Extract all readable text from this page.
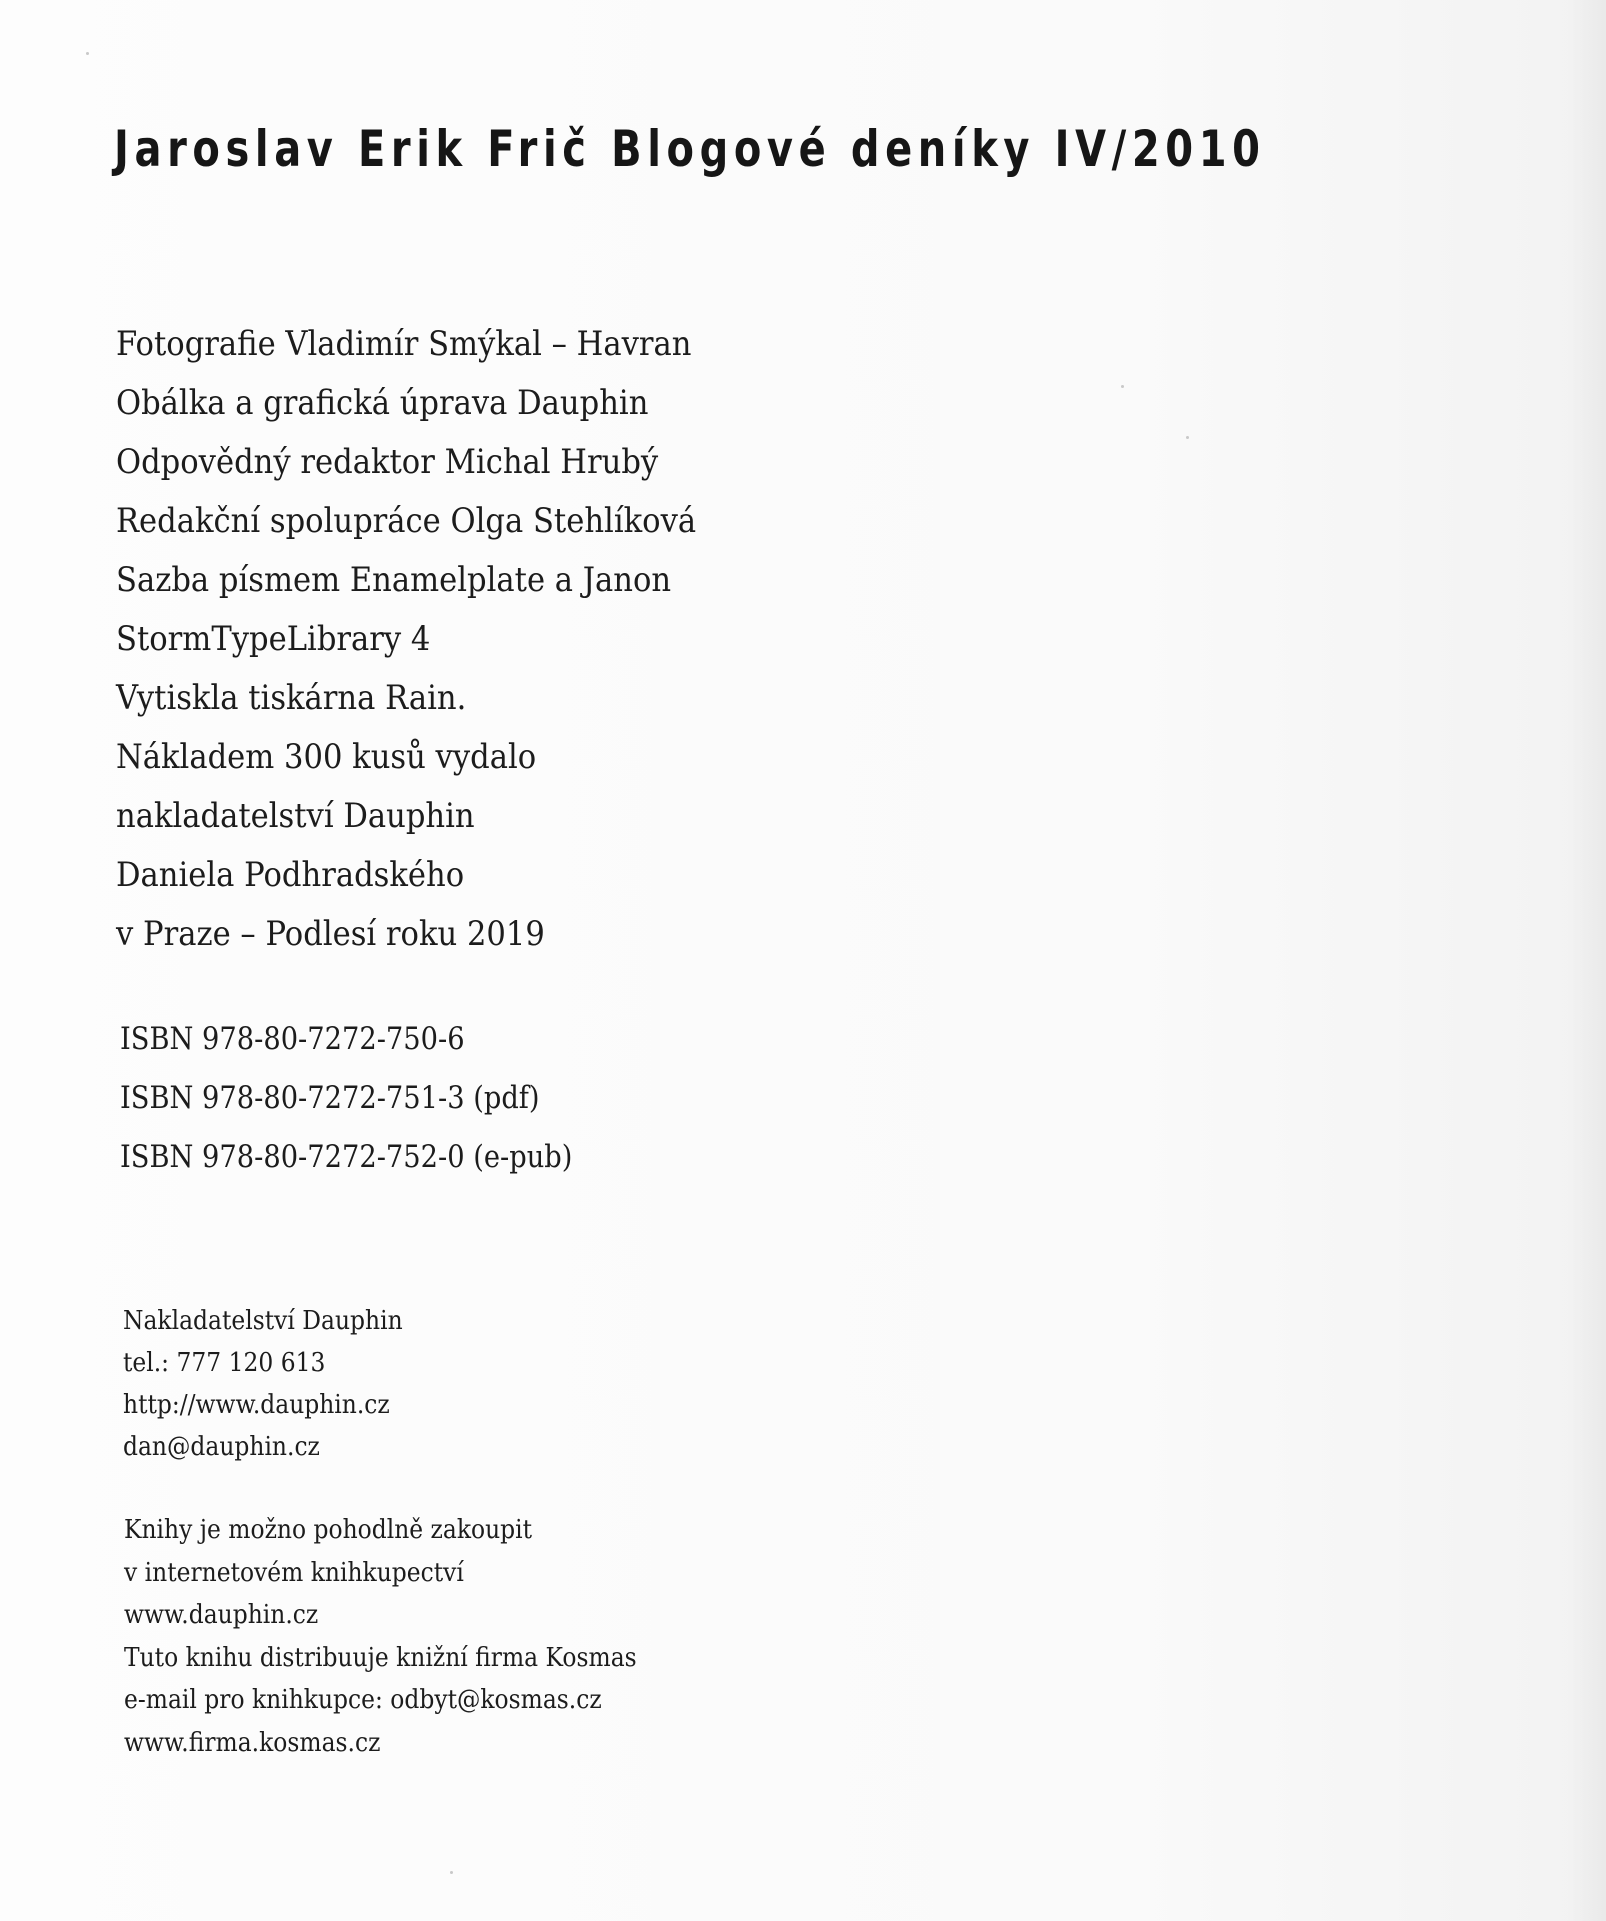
Jaroslav Erik Frič Blogové deníky IV/2010
Fotografie Vladimír Smýkal – Havran
Obálka a grafická úprava Dauphin
Odpovědný redaktor Michal Hrubý
Redakční spolupráce Olga Stehlíková
Sazba písmem Enamelplate a Janon
StormTypeLibrary 4
Vytiskla tiskárna Rain.
Nákladem 300 kusů vydalo
nakladatelství Dauphin
Daniela Podhradského
v Praze – Podlesí roku 2019
ISBN 978-80-7272-750-6
ISBN 978-80-7272-751-3 (pdf)
ISBN 978-80-7272-752-0 (e-pub)
Nakladatelství Dauphin
tel.: 777 120 613
http://www.dauphin.cz
dan@dauphin.cz
Knihy je možno pohodlně zakoupit
v internetovém knihkupectví
www.dauphin.cz
Tuto knihu distribuuje knižní firma Kosmas
e-mail pro knihkupce: odbyt@kosmas.cz
www.firma.kosmas.cz
